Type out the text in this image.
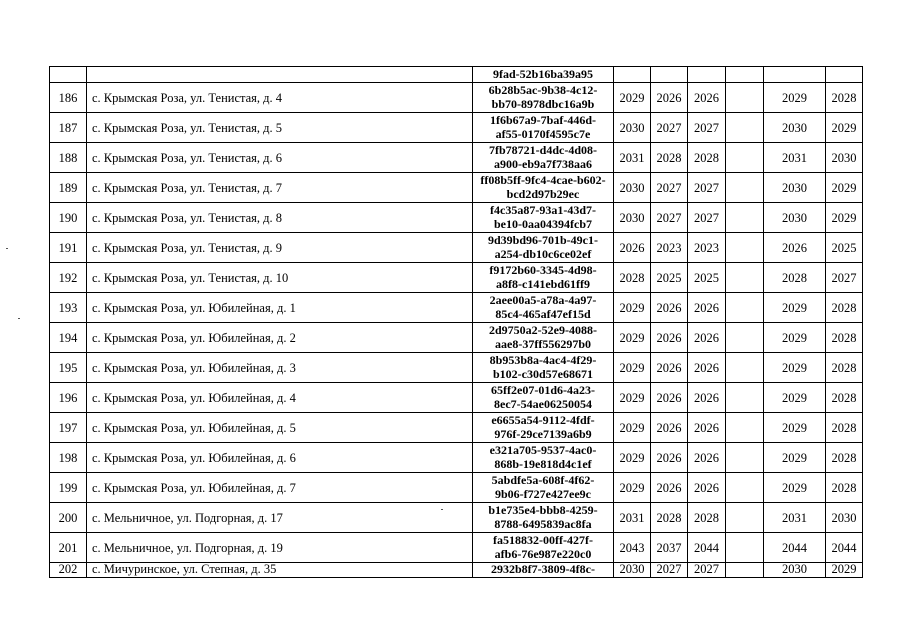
		9fad-52b16ba39a95						

186	с. Крымская Роза, ул. Тенистая, д. 4	6b28b5ac-9b38-4c12-
bb70-8978dbc16a9b	2029	2026	2026		2029	2028
187	с. Крымская Роза, ул. Тенистая, д. 5	1f6b67a9-7baf-446d-
af55-0170f4595c7e	2030	2027	2027		2030	2029
188	с. Крымская Роза, ул. Тенистая, д. 6	7fb78721-d4dc-4d08-
a900-eb9a7f738aa6	2031	2028	2028		2031	2030
189	с. Крымская Роза, ул. Тенистая, д. 7	ff08b5ff-9fc4-4cae-b602-
bcd2d97b29ec	2030	2027	2027		2030	2029
190	с. Крымская Роза, ул. Тенистая, д. 8	f4c35a87-93a1-43d7-
be10-0aa04394fcb7	2030	2027	2027		2030	2029
191	с. Крымская Роза, ул. Тенистая, д. 9	9d39bd96-701b-49c1-
a254-db10c6ce02ef	2026	2023	2023		2026	2025
192	с. Крымская Роза, ул. Тенистая, д. 10	f9172b60-3345-4d98-
a8f8-c141ebd61ff9	2028	2025	2025		2028	2027
193	с. Крымская Роза, ул. Юбилейная, д. 1	2aee00a5-a78a-4a97-
85c4-465af47ef15d	2029	2026	2026		2029	2028
194	с. Крымская Роза, ул. Юбилейная, д. 2	2d9750a2-52e9-4088-
aae8-37ff556297b0	2029	2026	2026		2029	2028
195	с. Крымская Роза, ул. Юбилейная, д. 3	8b953b8a-4ac4-4f29-
b102-c30d57e68671	2029	2026	2026		2029	2028
196	с. Крымская Роза, ул. Юбилейная, д. 4	65ff2e07-01d6-4a23-
8ec7-54ae06250054	2029	2026	2026		2029	2028
197	с. Крымская Роза, ул. Юбилейная, д. 5	e6655a54-9112-4fdf-
976f-29ce7139a6b9	2029	2026	2026		2029	2028
198	с. Крымская Роза, ул. Юбилейная, д. 6	e321a705-9537-4ac0-
868b-19e818d4c1ef	2029	2026	2026		2029	2028
199	с. Крымская Роза, ул. Юбилейная, д. 7	5abdfe5a-608f-4f62-
9b06-f727e427ee9c	2029	2026	2026		2029	2028
200	с. Мельничное, ул. Подгорная, д. 17	b1e735e4-bbb8-4259-
8788-6495839ac8fa	2031	2028	2028		2031	2030
201	с. Мельничное, ул. Подгорная, д. 19	fa518832-00ff-427f-
afb6-76e987e220c0	2043	2037	2044		2044	2044
202	с. Мичуринское, ул. Степная, д. 35	2932b8f7-3809-4f8c-	2030	2027	2027		2030	2029
